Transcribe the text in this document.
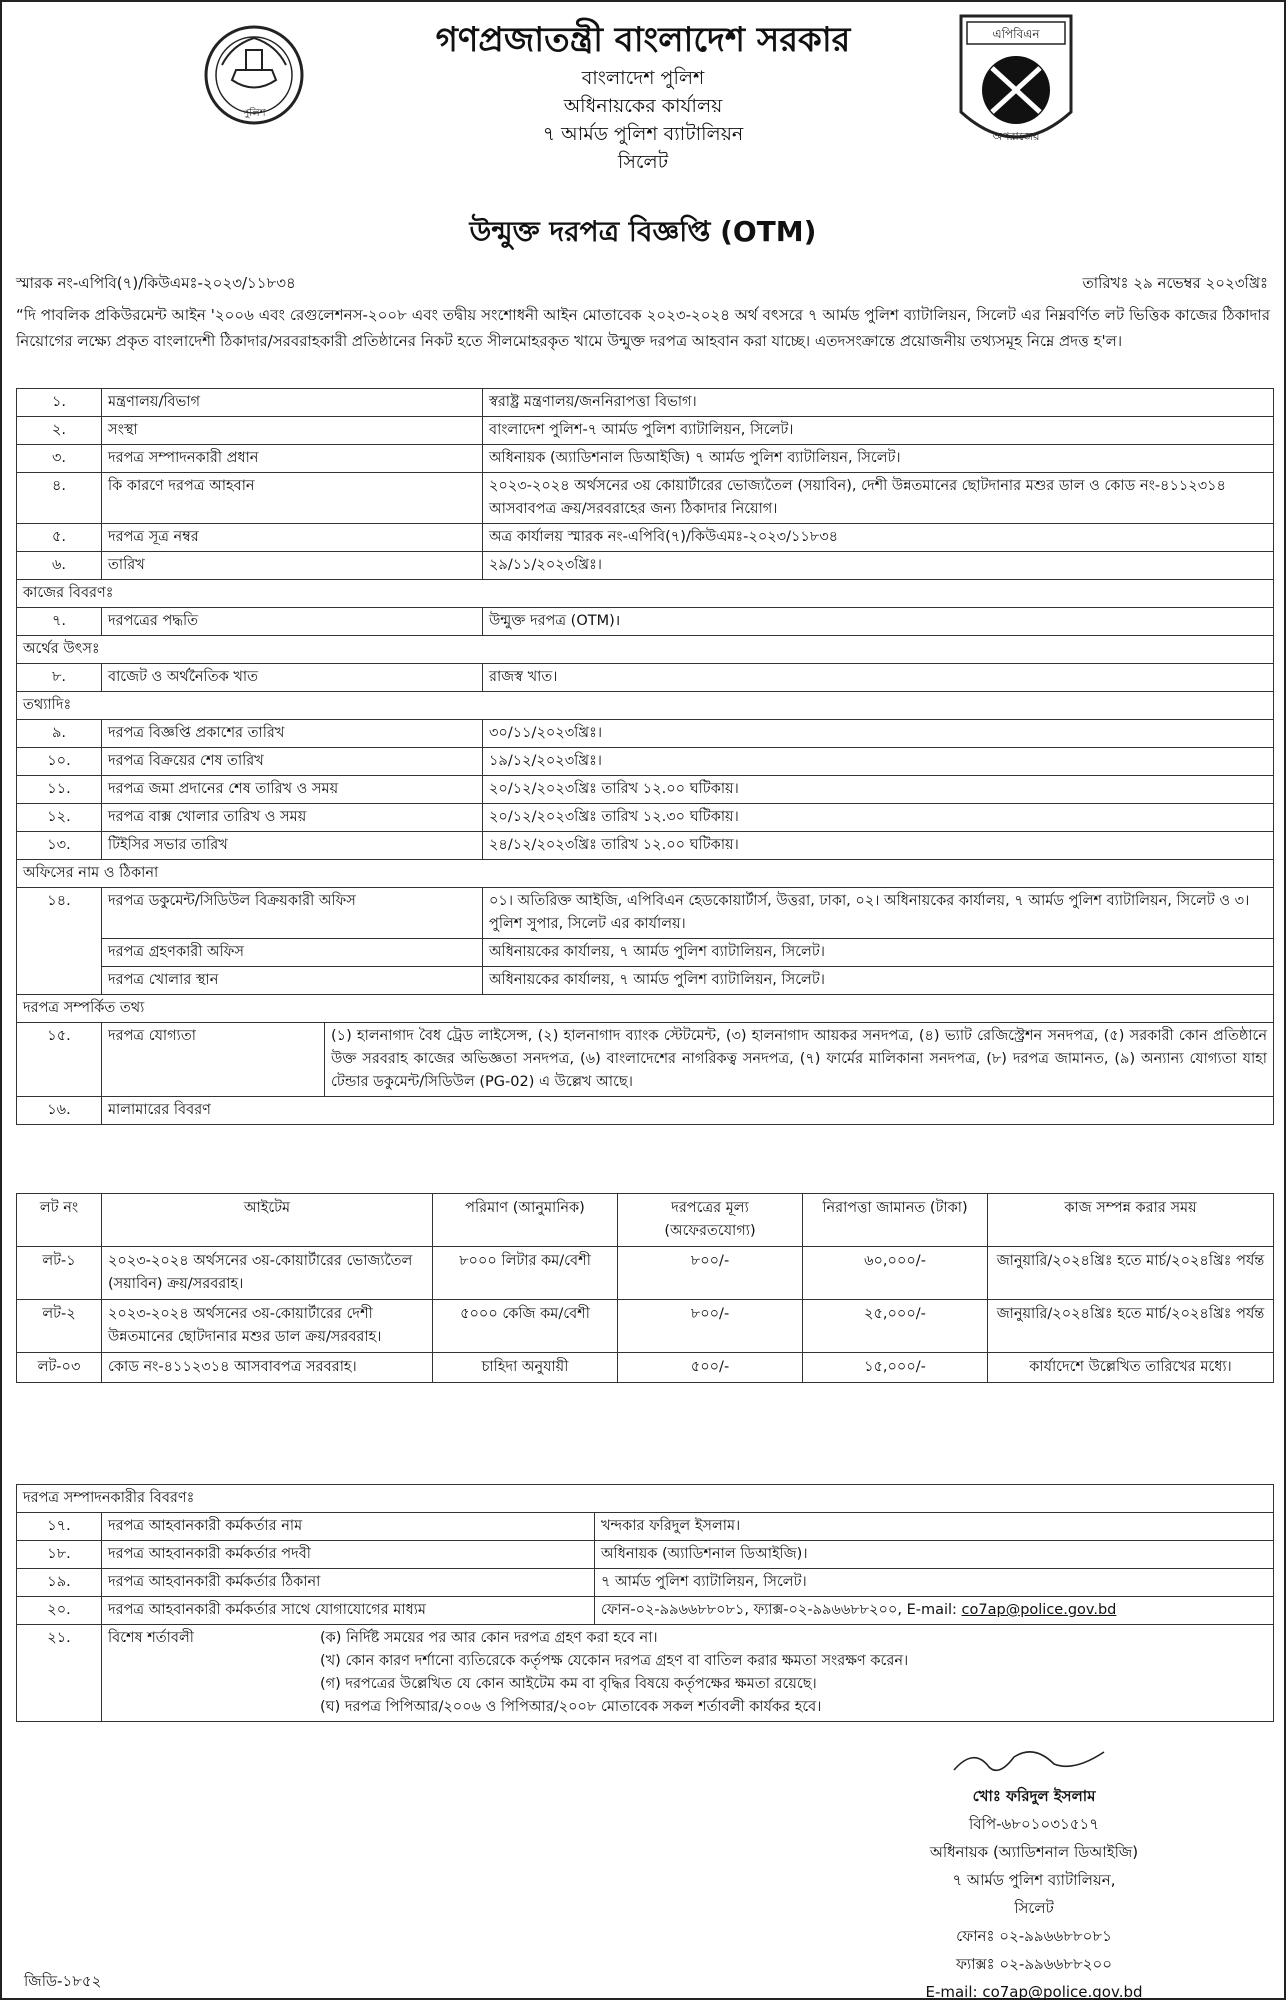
পুলিশ
গণপ্রজাতন্ত্রী বাংলাদেশ সরকার
বাংলাদেশ পুলিশ
অধিনায়কের কার্যালয়
৭ আর্মড পুলিশ ব্যাটালিয়ন
সিলেট
উন্মুক্ত দরপত্র বিজ্ঞপ্তি (OTM)
এপিবিএন
অপরাজেয়
স্মারক নং-এপিবি(৭)/কিউএমঃ-২০২৩/১১৮৩৪	তারিখঃ ২৯ নভেম্বর ২০২৩খ্রিঃ
“দি পাবলিক প্রকিউরমেন্ট আইন '২০০৬ এবং রেগুলেশনস-২০০৮ এবং তদ্বীয় সংশোধনী আইন মোতাবেক ২০২৩-২০২৪ অর্থ বৎসরে ৭ আর্মড পুলিশ ব্যাটালিয়ন, সিলেট এর নিম্নবর্ণিত লট ভিত্তিক কাজের ঠিকাদার নিয়োগের লক্ষ্যে প্রকৃত বাংলাদেশী ঠিকাদার/সরবরাহকারী প্রতিষ্ঠানের নিকট হতে সীলমোহরকৃত খামে উন্মুক্ত দরপত্র আহবান করা যাচ্ছে। এতদসংক্রান্তে প্রয়োজনীয় তথ্যসমূহ নিম্নে প্রদত্ত হ'ল।
১.	মন্ত্রণালয়/বিভাগ	স্বরাষ্ট্র মন্ত্রণালয়/জননিরাপত্তা বিভাগ।
২.	সংস্থা	বাংলাদেশ পুলিশ-৭ আর্মড পুলিশ ব্যাটালিয়ন, সিলেট।
৩.	দরপত্র সম্পাদনকারী প্রধান	অধিনায়ক (অ্যাডিশনাল ডিআইজি) ৭ আর্মড পুলিশ ব্যাটালিয়ন, সিলেট।
৪.	কি কারণে দরপত্র আহবান	২০২৩-২০২৪ অর্থসনের ৩য় কোয়ার্টারের ভোজ্যতৈল (সয়াবিন), দেশী উন্নতমানের ছোটদানার মশুর ডাল ও কোড নং-৪১১২৩১৪ আসবাবপত্র ক্রয়/সরবরাহের জন্য ঠিকাদার নিয়োগ।
৫.	দরপত্র সূত্র নম্বর	অত্র কার্যালয় স্মারক নং-এপিবি(৭)/কিউএমঃ-২০২৩/১১৮৩৪
৬.	তারিখ	২৯/১১/২০২৩খ্রিঃ।
কাজের বিবরণঃ
৭.	দরপত্রের পদ্ধতি	উন্মুক্ত দরপত্র (OTM)।
অর্থের উৎসঃ
৮.	বাজেট ও অর্থনৈতিক খাত	রাজস্ব খাত।
তথ্যাদিঃ
৯.	দরপত্র বিজ্ঞপ্তি প্রকাশের তারিখ	৩০/১১/২০২৩খ্রিঃ।
১০.	দরপত্র বিক্রয়ের শেষ তারিখ	১৯/১২/২০২৩খ্রিঃ।
১১.	দরপত্র জমা প্রদানের শেষ তারিখ ও সময়	২০/১২/২০২৩খ্রিঃ তারিখ ১২.০০ ঘটিকায়।
১২.	দরপত্র বাক্স খোলার তারিখ ও সময়	২০/১২/২০২৩খ্রিঃ তারিখ ১২.৩০ ঘটিকায়।
১৩.	টিইসির সভার তারিখ	২৪/১২/২০২৩খ্রিঃ তারিখ ১২.০০ ঘটিকায়।
অফিসের নাম ও ঠিকানা
১৪.	দরপত্র ডকুমেন্ট/সিডিউল বিক্রয়কারী অফিস	০১। অতিরিক্ত আইজি, এপিবিএন হেডকোয়ার্টার্স, উত্তরা, ঢাকা, ০২। অধিনায়কের কার্যালয়, ৭ আর্মড পুলিশ ব্যাটালিয়ন, সিলেট ও ৩। পুলিশ সুপার, সিলেট এর কার্যালয়।
দরপত্র গ্রহণকারী অফিস	অধিনায়কের কার্যালয়, ৭ আর্মড পুলিশ ব্যাটালিয়ন, সিলেট।
দরপত্র খোলার স্থান	অধিনায়কের কার্যালয়, ৭ আর্মড পুলিশ ব্যাটালিয়ন, সিলেট।
দরপত্র সম্পর্কিত তথ্য
১৫.		দরপত্র যোগ্যতা	(১) হালনাগাদ বৈধ ট্রেড লাইসেন্স, (২) হালনাগাদ ব্যাংক স্টেটমেন্ট, (৩) হালনাগাদ আয়কর সনদপত্র, (৪) ভ্যাট রেজিস্ট্রেশন সনদপত্র, (৫) সরকারী কোন প্রতিষ্ঠানে উক্ত সরবরাহ কাজের অভিজ্ঞতা সনদপত্র, (৬) বাংলাদেশের নাগরিকত্ব সনদপত্র, (৭) ফার্মের মালিকানা সনদপত্র, (৮) দরপত্র জামানত, (৯) অন্যান্য যোগ্যতা যাহা টেন্ডার ডকুমেন্ট/সিডিউল (PG-02) এ উল্লেখ আছে।

১৬.	মালামারের বিবরণ
লট নং	আইটেম	পরিমাণ (আনুমানিক)	দরপত্রের মূল্য (অফেরতযোগ্য)	নিরাপত্তা জামানত (টাকা)	কাজ সম্পন্ন করার সময়
লট-১	২০২৩-২০২৪ অর্থসনের ৩য়-কোয়ার্টারের ভোজ্যতৈল (সয়াবিন) ক্রয়/সরবরাহ।	৮০০০ লিটার কম/বেশী	৮০০/-	৬০,০০০/-	জানুয়ারি/২০২৪খ্রিঃ হতে মার্চ/২০২৪খ্রিঃ পর্যন্ত
লট-২	২০২৩-২০২৪ অর্থসনের ৩য়-কোয়ার্টারের দেশী উন্নতমানের ছোটদানার মশুর ডাল ক্রয়/সরবরাহ।	৫০০০ কেজি কম/বেশী	৮০০/-	২৫,০০০/-	জানুয়ারি/২০২৪খ্রিঃ হতে মার্চ/২০২৪খ্রিঃ পর্যন্ত
লট-০৩	কোড নং-৪১১২৩১৪ আসবাবপত্র সরবরাহ।	চাহিদা অনুযায়ী	৫০০/-	১৫,০০০/-	কার্যাদেশে উল্লেখিত তারিখের মধ্যে।
দরপত্র সম্পাদনকারীর বিবরণঃ
১৭.	দরপত্র আহবানকারী কর্মকর্তার নাম	খন্দকার ফরিদুল ইসলাম।
১৮.	দরপত্র আহবানকারী কর্মকর্তার পদবী	অধিনায়ক (অ্যাডিশনাল ডিআইজি)।
১৯.	দরপত্র আহবানকারী কর্মকর্তার ঠিকানা	৭ আর্মড পুলিশ ব্যাটালিয়ন, সিলেট।
২০.	দরপত্র আহবানকারী কর্মকর্তার সাথে যোগাযোগের মাধ্যম	ফোন-০২-৯৯৬৬৮৮০৮১, ফ্যাক্স-০২-৯৯৬৬৮৮২০০, E-mail: co7ap@police.gov.bd
২১.		বিশেষ শর্তাবলী	(ক) নির্দিষ্ট সময়ের পর আর কোন দরপত্র গ্রহণ করা হবে না।
(খ) কোন কারণ দর্শানো ব্যতিরেকে কর্তৃপক্ষ যেকোন দরপত্র গ্রহণ বা বাতিল করার ক্ষমতা সংরক্ষণ করেন।
(গ) দরপত্রের উল্লেখিত যে কোন আইটেম কম বা বৃদ্ধির বিষয়ে কর্তৃপক্ষের ক্ষমতা রয়েছে।
(ঘ) দরপত্র পিপিআর/২০০৬ ও পিপিআর/২০০৮ মোতাবেক সকল শর্তাবলী কার্যকর হবে।
খোঃ ফরিদুল ইসলাম
বিপি-৬৮০১০৩১৫১৭
অধিনায়ক (অ্যাডিশনাল ডিআইজি)
৭ আর্মড পুলিশ ব্যাটালিয়ন,
সিলেট
ফোনঃ ০২-৯৯৬৬৮৮০৮১
ফ্যাক্সঃ ০২-৯৯৬৬৮৮২০০
E-mail: co7ap@police.gov.bd
জিডি-১৮৫২
